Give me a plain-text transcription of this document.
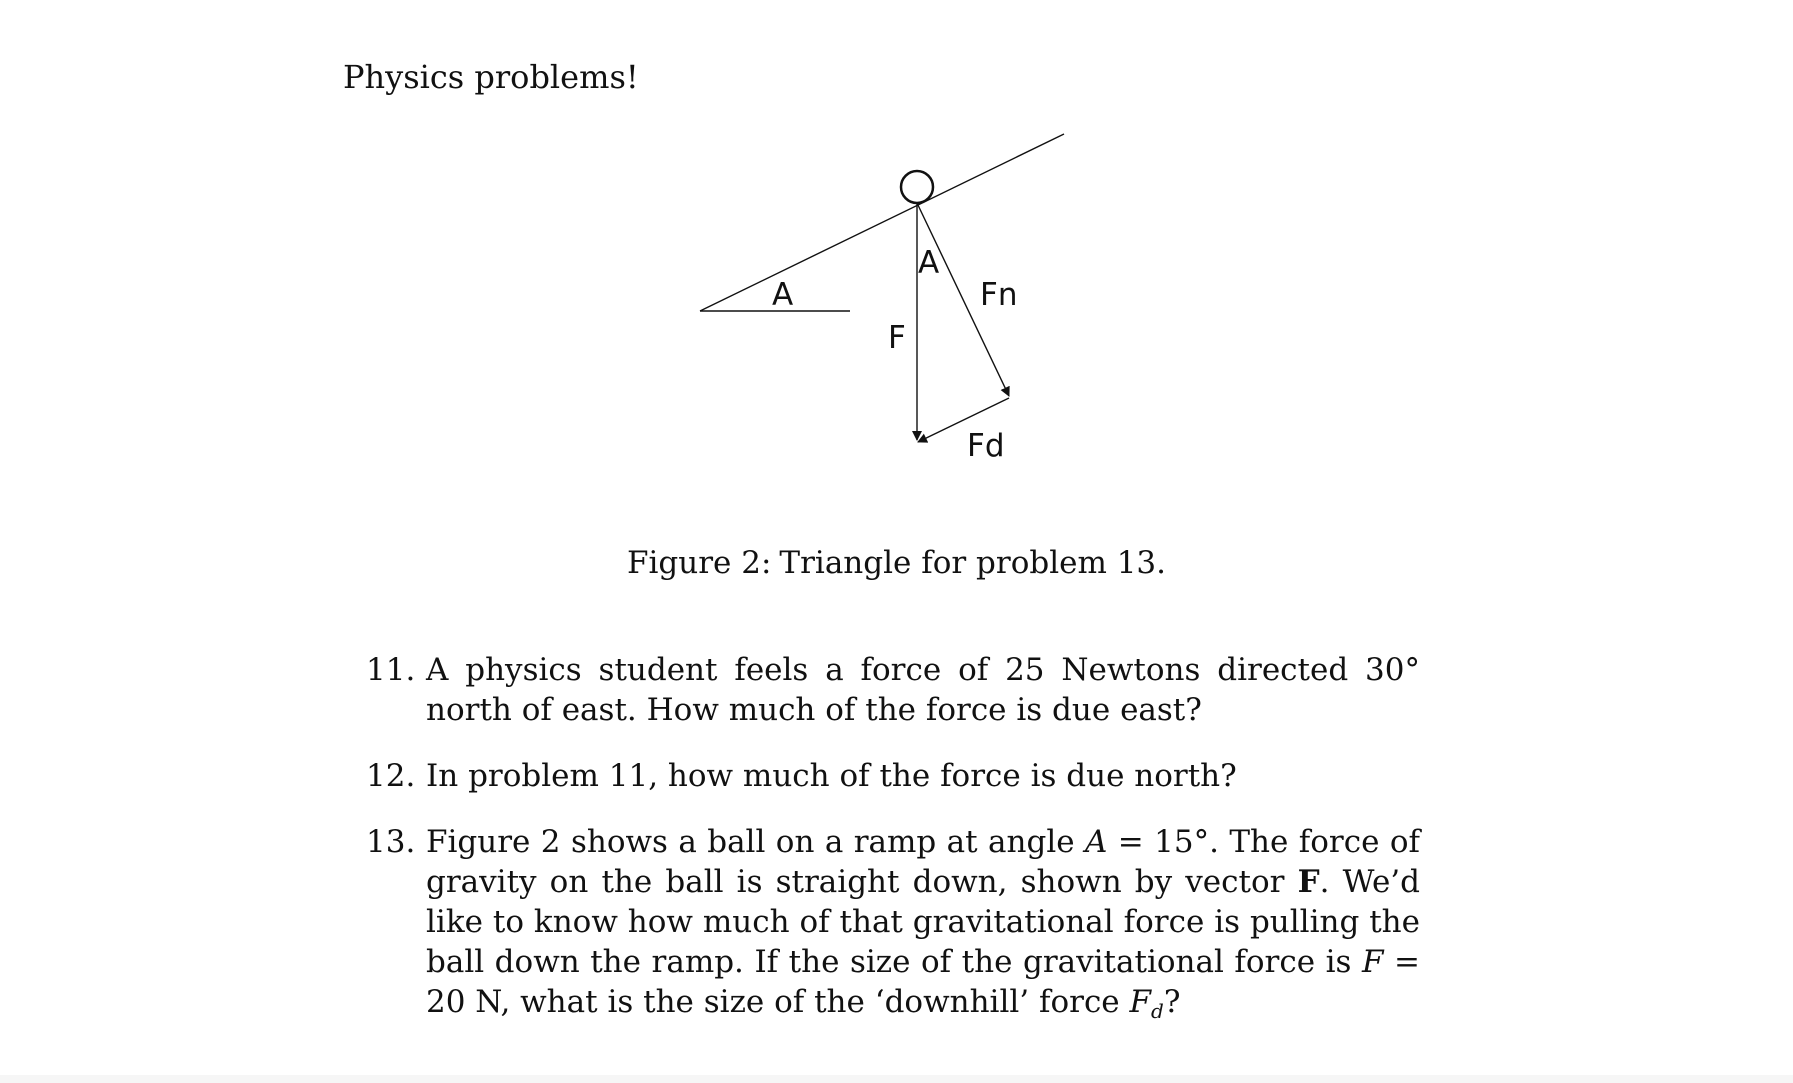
Physics problems!
A
A
Fn
F
Fd
Figure 2: Triangle for problem 13.
11. A physics student feels a force of 25 Newtons directed 30° north of east. How much of the force is due east?
12. In problem 11, how much of the force is due north?
13. Figure 2 shows a ball on a ramp at angle A = 15°. The force of gravity on the ball is straight down, shown by vector F. We’d like to know how much of that gravitational force is pulling the ball down the ramp. If the size of the gravitational force is F = 20 N, what is the size of the ‘downhill’ force $F_d$?
